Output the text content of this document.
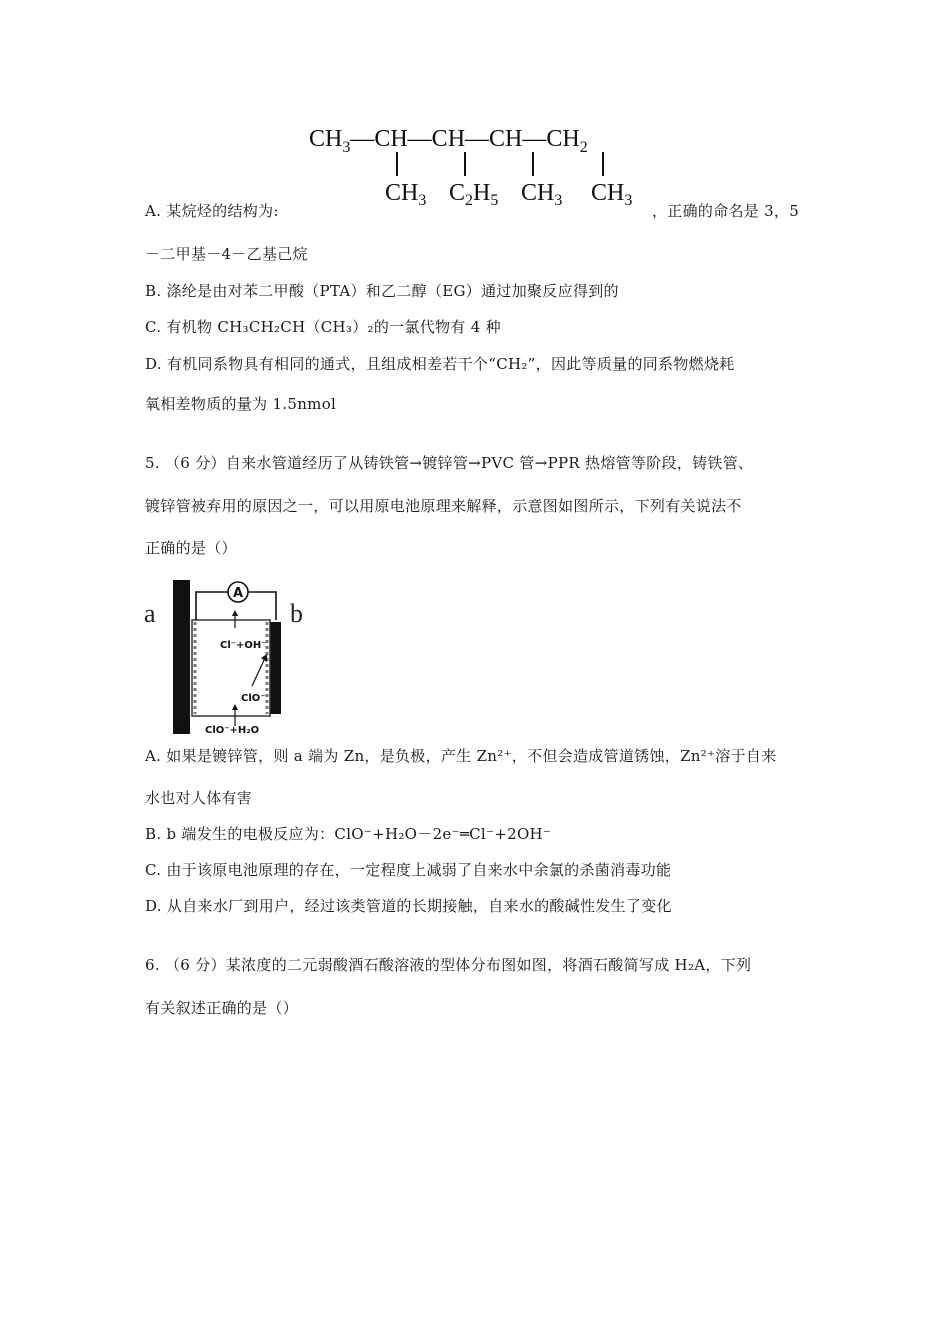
$CH_3—CH—CH—CH—CH_2$
$CH_3$ $C_2H_5$ $CH_3$ $CH_3$
A. 某烷烃的结构为:	，正确的命名是 3，5
－二甲基－4－乙基己烷
B. 涤纶是由对苯二甲酸（PTA）和乙二醇（EG）通过加聚反应得到的
C. 有机物 CH₃CH₂CH（CH₃）₂的一氯代物有 4 种
D. 有机同系物具有相同的通式，且组成相差若干个“CH₂”，因此等质量的同系物燃烧耗
氧相差物质的量为 1.5nmol
5. （6 分）自来水管道经历了从铸铁管→镀锌管→PVC 管→PPR 热熔管等阶段，铸铁管、
镀锌管被弃用的原因之一，可以用原电池原理来解释，示意图如图所示，下列有关说法不
正确的是（）
a	b
A
Cl⁻+OH⁻
ClO⁻
ClO⁻+H₂O
A. 如果是镀锌管，则 a 端为 Zn，是负极，产生 Zn²⁺，不但会造成管道锈蚀，Zn²⁺溶于自来
水也对人体有害
B. b 端发生的电极反应为：ClO⁻+H₂O－2e⁻═Cl⁻+2OH⁻
C. 由于该原电池原理的存在，一定程度上减弱了自来水中余氯的杀菌消毒功能
D. 从自来水厂到用户，经过该类管道的长期接触，自来水的酸碱性发生了变化
6. （6 分）某浓度的二元弱酸酒石酸溶液的型体分布图如图，将酒石酸简写成 H₂A，下列
有关叙述正确的是（）
